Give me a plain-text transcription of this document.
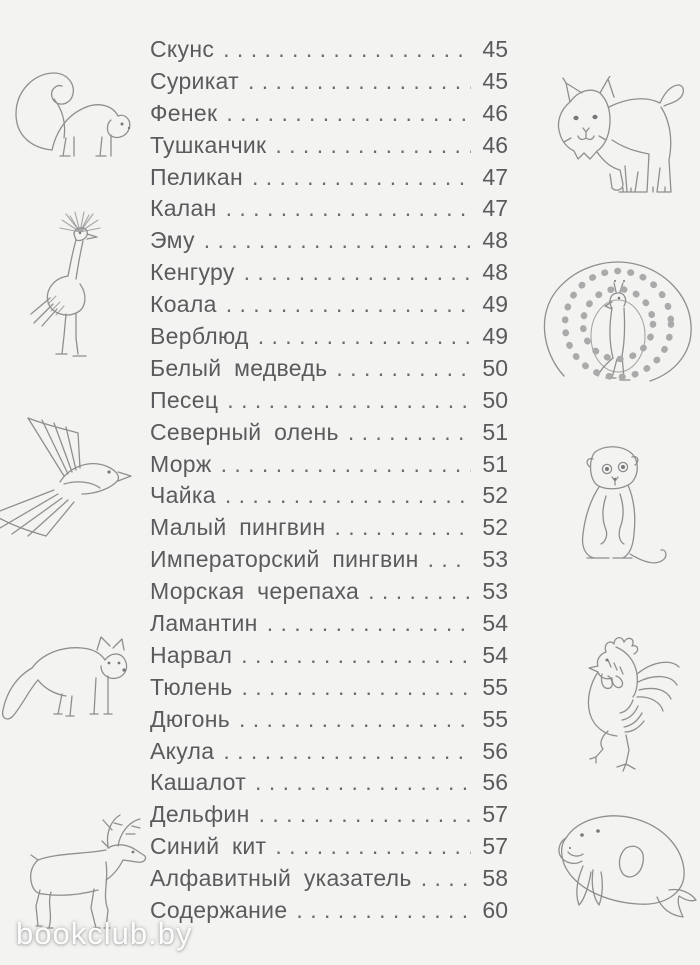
Скунс . . .	45
Сурикат . . .	45
Фенек . . .	46
Тушканчик . . .	46
Пеликан . . .	47
Калан . . .	47
Эму . . .	48
Кенгуру . . .	48
Коала . . .	49
Верблюд . . .	49
Белый медведь . . .	50
Песец . . .	50
Северный олень . . .	51
Морж . . .	51
Чайка . . .	52
Малый пингвин . . .	52
Императорский пингвин . . .	53
Морская черепаха . . .	53
Ламантин . . .	54
Нарвал . . .	54
Тюлень . . .	55
Дюгонь . . .	55
Акула . . .	56
Кашалот . . .	56
Дельфин . . .	57
Синий кит . . .	57
Алфавитный указатель . . .	58
Содержание . . .	60
bookclub.by
